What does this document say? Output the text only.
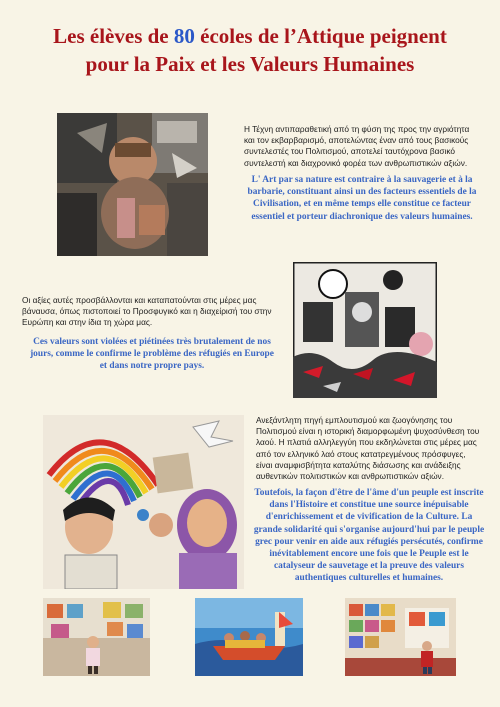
Les élèves de 80 écoles de l’Attique peignent
pour la Paix et les Valeurs Humaines
Η Τέχνη αντιπαραθετική από τη φύση της προς την αγριότητα και τον εκβαρβαρισμό, αποτελώντας έναν από τους βασικούς συντελεστές του Πολιτισμού, αποτελεί ταυτόχρονα βασικό συντελεστή και διαχρονικό φορέα των ανθρωπιστικών αξιών.
L' Art par sa nature est contraire à la sauvagerie et à la barbarie, constituant ainsi un des facteurs essentiels de la Civilisation, et en même temps elle constitue ce facteur essentiel et porteur diachronique des valeurs humaines.
Οι αξίες αυτές προσβάλλονται και καταπατούνται στις μέρες μας βάναυσα, όπως πιστοποιεί το Προσφυγικό και η διαχείρισή του στην Ευρώπη και στην ίδια τη χώρα μας.
Ces valeurs sont violées et piétinées très brutalement de nos jours, comme le confirme le problème des réfugiés en Europe et dans notre propre pays.
Ανεξάντλητη πηγή εμπλουτισμού και ζωογόνησης του Πολιτισμού είναι η ιστορική διαμορφωμένη ψυχοσύνθεση του λαού. Η πλατιά αλληλεγγύη που εκδηλώνεται στις μέρες μας από τον ελληνικό λαό στους κατατρεγμένους πρόσφυγες, είναι αναμφισβήτητα καταλύτης διάσωσης και ανάδειξης αυθεντικών πολιτιστικών και ανθρωπιστικών αξιών.
Toutefois, la façon d'être de l'âme d'un peuple est inscrite dans l'Histoire et constitue une source inépuisable d'enrichissement et de vivification de la Culture. La grande solidarité qui s'organise aujourd'hui par le peuple grec pour venir en aide aux réfugiés persécutés, confirme inévitablement encore une fois que le Peuple est le catalyseur de sauvetage et la preuve des valeurs authentiques culturelles et humaines.
